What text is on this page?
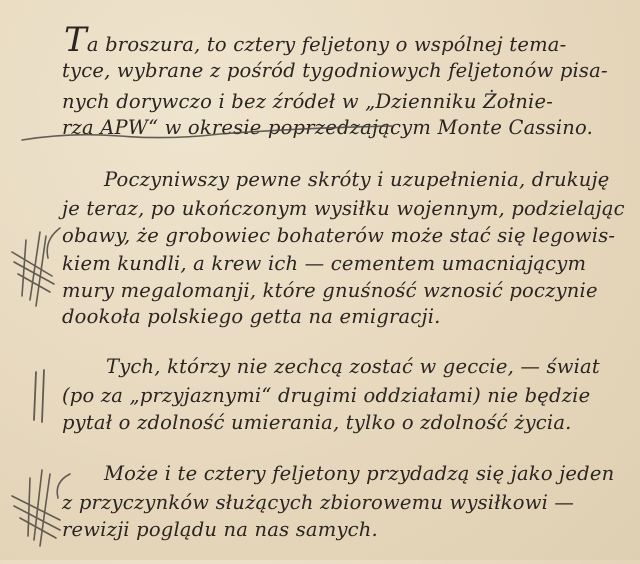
Ta broszura, to cztery feljetony o wspólnej tema-
tyce, wybrane z pośród tygodniowych feljetonów pisa-
nych dorywczo i bez źródeł w „Dzienniku Żołnie-
rza APW“ w okresie poprzedzającym Monte Cassino.
Poczyniwszy pewne skróty i uzupełnienia, drukuję
je teraz, po ukończonym wysiłku wojennym, podzielając
obawy, że grobowiec bohaterów może stać się legowis-
kiem kundli, a krew ich — cementem umacniającym
mury megalomanji, które gnuśność wznosić poczynie
dookoła polskiego getta na emigracji.
Tych, którzy nie zechcą zostać w geccie, — świat
(po za „przyjaznymi“ drugimi oddziałami) nie będzie
pytał o zdolność umierania, tylko o zdolność życia.
Może i te cztery feljetony przydadzą się jako jeden
z przyczynków służących zbiorowemu wysiłkowi —
rewizji poglądu na nas samych.
